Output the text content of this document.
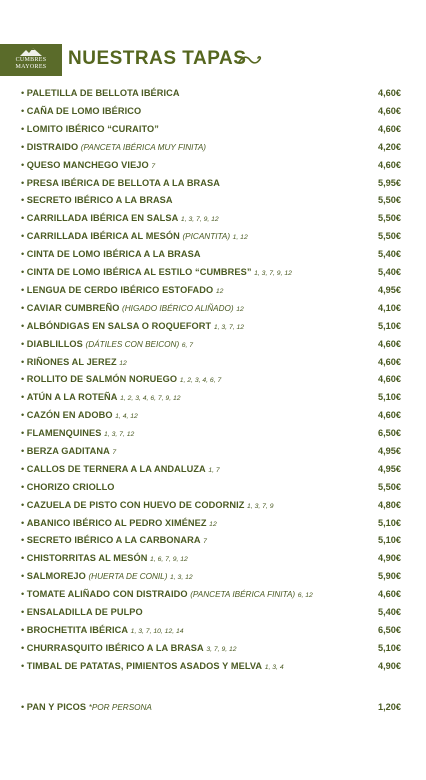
CUMBRES
MAYORES	NUESTRAS TAPAS
• PALETILLA DE BELLOTA IBÉRICA	4,60€
• CAÑA DE LOMO IBÉRICO	4,60€
• LOMITO IBÉRICO “CURAITO”	4,60€
• DISTRAIDO (PANCETA IBÉRICA MUY FINITA)	4,20€
• QUESO MANCHEGO VIEJO 7	4,60€
• PRESA IBÉRICA DE BELLOTA A LA BRASA	5,95€
• SECRETO IBÉRICO A LA BRASA	5,50€
• CARRILLADA IBÉRICA EN SALSA 1, 3, 7, 9, 12	5,50€
• CARRILLADA IBÉRICA AL MESÓN (PICANTITA) 1, 12	5,50€
• CINTA DE LOMO IBÉRICA A LA BRASA	5,40€
• CINTA DE LOMO IBÉRICA AL ESTILO “CUMBRES” 1, 3, 7, 9, 12	5,40€
• LENGUA DE CERDO IBÉRICO ESTOFADO 12	4,95€
• CAVIAR CUMBREÑO (HIGADO IBÉRICO ALIÑADO) 12	4,10€
• ALBÓNDIGAS EN SALSA O ROQUEFORT 1, 3, 7, 12	5,10€
• DIABLILLOS (DÁTILES CON BEICON) 6, 7	4,60€
• RIÑONES AL JEREZ 12	4,60€
• ROLLITO DE SALMÓN NORUEGO 1, 2, 3, 4, 6, 7	4,60€
• ATÚN A LA ROTEÑA 1, 2, 3, 4, 6, 7, 9, 12	5,10€
• CAZÓN EN ADOBO 1, 4, 12	4,60€
• FLAMENQUINES 1, 3, 7, 12	6,50€
• BERZA GADITANA 7	4,95€
• CALLOS DE TERNERA A LA ANDALUZA 1, 7	4,95€
• CHORIZO CRIOLLO	5,50€
• CAZUELA DE PISTO CON HUEVO DE CODORNIZ 1, 3, 7, 9	4,80€
• ABANICO IBÉRICO AL PEDRO XIMÉNEZ 12	5,10€
• SECRETO IBÉRICO A LA CARBONARA 7	5,10€
• CHISTORRITAS AL MESÓN 1, 6, 7, 9, 12	4,90€
• SALMOREJO (HUERTA DE CONIL) 1, 3, 12	5,90€
• TOMATE ALIÑADO CON DISTRAIDO (PANCETA IBÉRICA FINITA) 6, 12	4,60€
• ENSALADILLA DE PULPO	5,40€
• BROCHETITA IBÉRICA 1, 3, 7, 10, 12, 14	6,50€
• CHURRASQUITO IBÉRICO A LA BRASA 3, 7, 9, 12	5,10€
• TIMBAL DE PATATAS, PIMIENTOS ASADOS Y MELVA 1, 3, 4	4,90€
• PAN Y PICOS *POR PERSONA	1,20€
